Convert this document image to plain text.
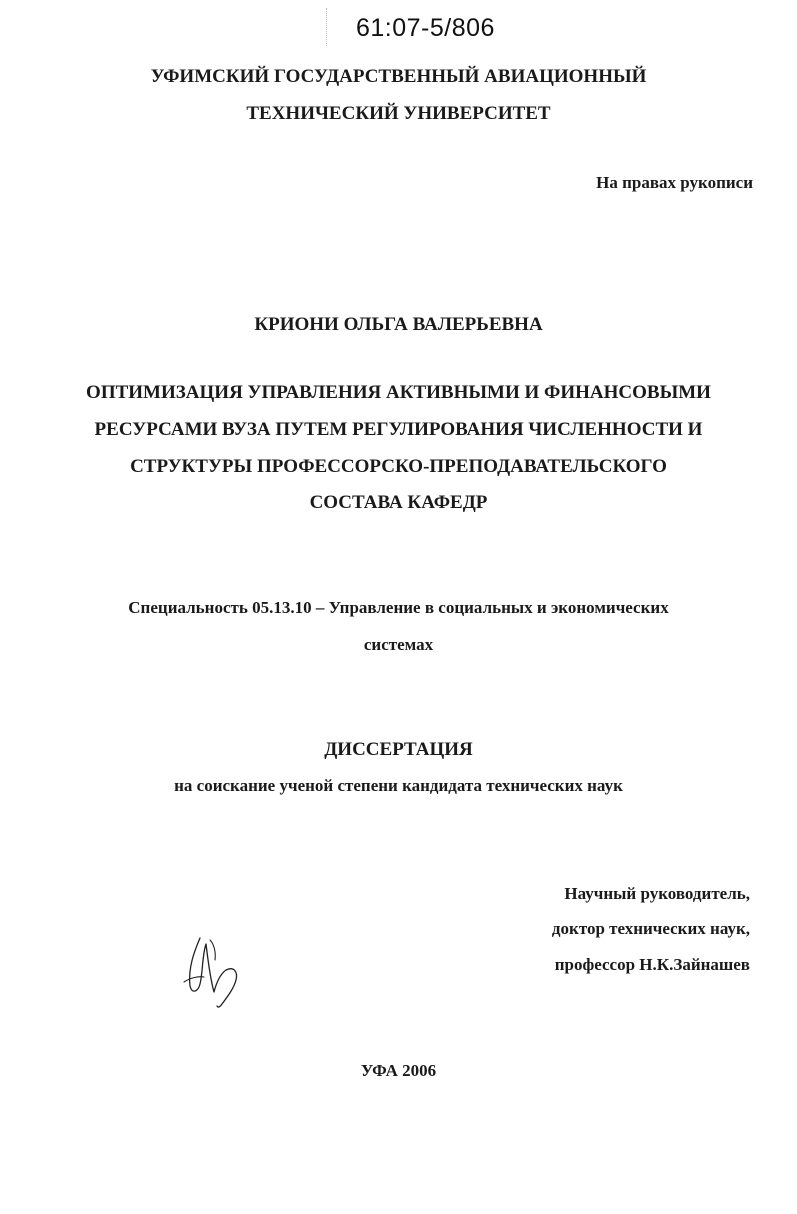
61:07-5/806
УФИМСКИЙ ГОСУДАРСТВЕННЫЙ АВИАЦИОННЫЙ
ТЕХНИЧЕСКИЙ УНИВЕРСИТЕТ
На правах рукописи
КРИОНИ ОЛЬГА ВАЛЕРЬЕВНА
ОПТИМИЗАЦИЯ УПРАВЛЕНИЯ АКТИВНЫМИ И ФИНАНСОВЫМИ
РЕСУРСАМИ ВУЗА ПУТЕМ РЕГУЛИРОВАНИЯ ЧИСЛЕННОСТИ И
СТРУКТУРЫ ПРОФЕССОРСКО-ПРЕПОДАВАТЕЛЬСКОГО
СОСТАВА КАФЕДР
Специальность 05.13.10 – Управление в социальных и экономических
системах
ДИССЕРТАЦИЯ
на соискание ученой степени кандидата технических наук
Научный руководитель,
доктор технических наук,
профессор Н.К.Зайнашев
УФА 2006
